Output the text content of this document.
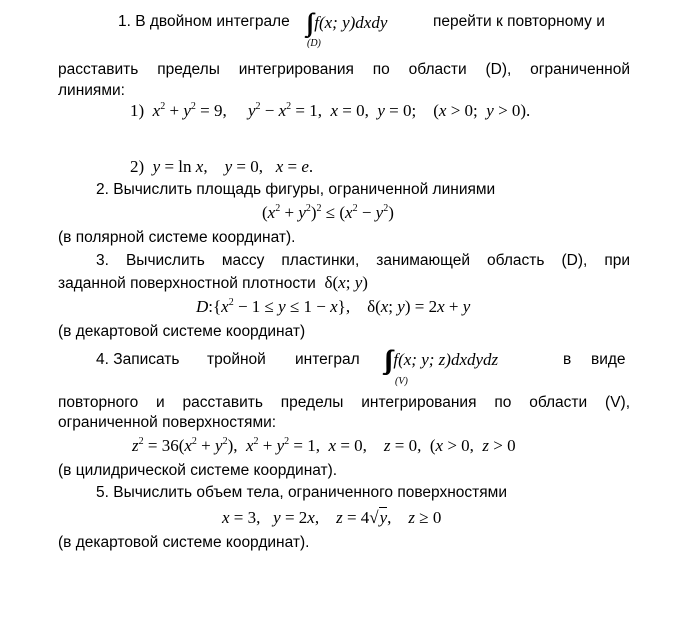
1. В двойном интеграле ∫∫ f(x; y)dxdy
(D)
перейти к повторному и
расставить пределы интегрирования по области (D), ограниченной
линиями:
1) $x^2 + y^2 = 9$,     $y^2 - x^2 = 1$,  x = 0,  y = 0;    (x > 0;  y > 0).
2) y = ln x,    y = 0,   x = e.
2. Вычислить площадь фигуры, ограниченной линиями
$(x^2 + y^2)^2 \le (x^2 - y^2)$
(в полярной системе координат).
3. Вычислить массу пластинки, занимающей область (D), при
заданной поверхностной плотности δ(x; y)
$D:\{x^2 - 1 \le y \le 1 - x\}$,    δ(x; y) = 2x + y
(в декартовой системе координат)
4. Записать тройной интеграл ∫∫∫ f(x; y; z)dxdydz
(V)
в виде
повторного и расставить пределы интегрирования по области (V),
ограниченной поверхностями:
$z^2 = 36(x^2 + y^2)$,  $x^2 + y^2 = 1$,  x = 0,    z = 0,  (x > 0,  z > 0
(в цилидрической системе координат).
5. Вычислить объем тела, ограниченного поверхностями
x = 3,   y = 2x,    z = 4√y,    z ≥ 0
(в декартовой системе координат).
